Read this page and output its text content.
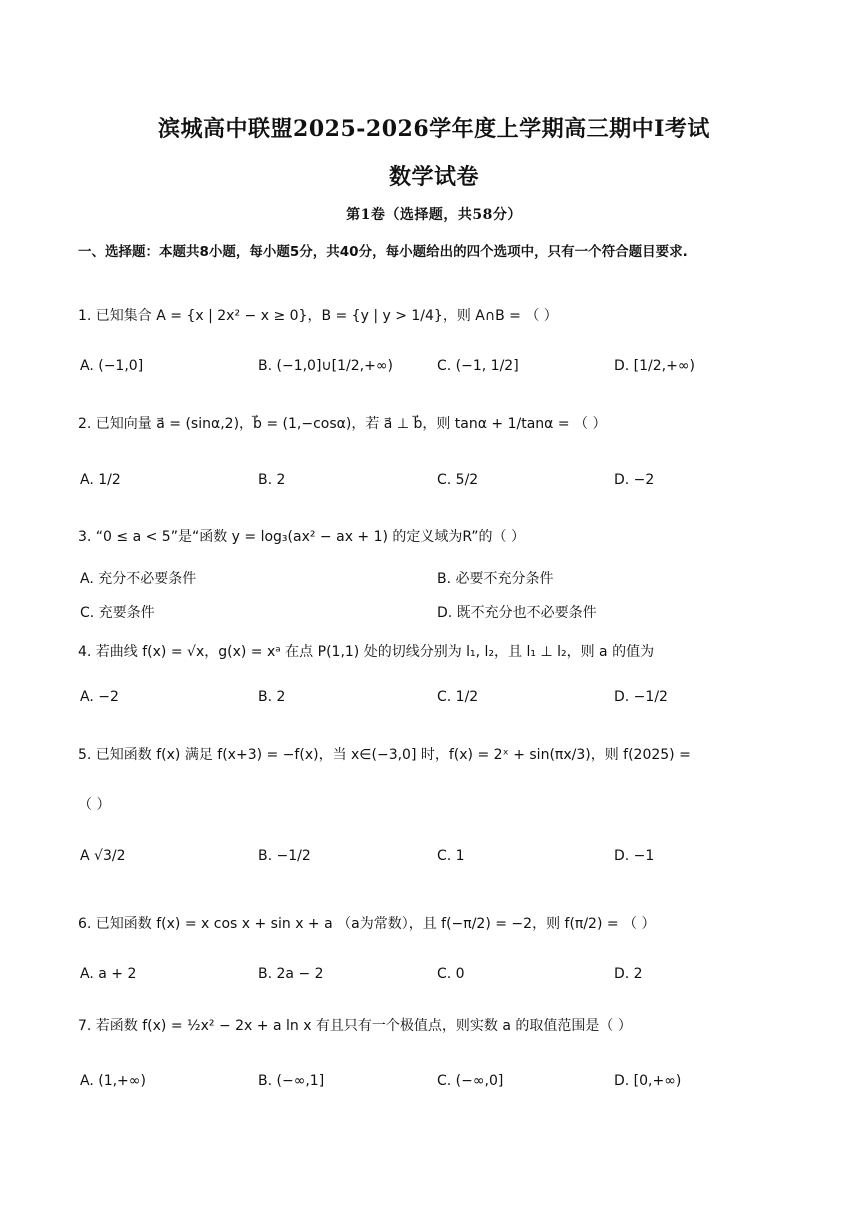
滨城高中联盟2025-2026学年度上学期高三期中Ⅰ考试
数学试卷
第1卷（选择题，共58分）
一、选择题：本题共8小题，每小题5分，共40分，每小题给出的四个选项中，只有一个符合题目要求.
1. 已知集合 A = {x | 2x² − x ≥ 0}，B = {y | y > 1/4}，则 A∩B = （ ）
A. (−1,0]	B. (−1,0]∪[1/2,+∞)	C. (−1, 1/2]	D. [1/2,+∞)
2. 已知向量 a⃗ = (sinα,2)，b⃗ = (1,−cosα)，若 a⃗ ⊥ b⃗，则 tanα + 1/tanα = （ ）
A. 1/2	B. 2	C. 5/2	D. −2
3. “0 ≤ a < 5”是“函数 y = log₃(ax² − ax + 1) 的定义域为R”的（ ）
A. 充分不必要条件	B. 必要不充分条件
C. 充要条件	D. 既不充分也不必要条件
4. 若曲线 f(x) = √x，g(x) = xᵃ 在点 P(1,1) 处的切线分别为 l₁, l₂，且 l₁ ⊥ l₂，则 a 的值为
A. −2	B. 2	C. 1/2	D. −1/2
5. 已知函数 f(x) 满足 f(x+3) = −f(x)，当 x∈(−3,0] 时，f(x) = 2ˣ + sin(πx/3)，则 f(2025) =
（ ）
A √3/2	B. −1/2	C. 1	D. −1
6. 已知函数 f(x) = x cos x + sin x + a （a为常数），且 f(−π/2) = −2，则 f(π/2) = （ ）
A. a + 2	B. 2a − 2	C. 0	D. 2
7. 若函数 f(x) = ½x² − 2x + a ln x 有且只有一个极值点，则实数 a 的取值范围是（ ）
A. (1,+∞)	B. (−∞,1]	C. (−∞,0]	D. [0,+∞)
